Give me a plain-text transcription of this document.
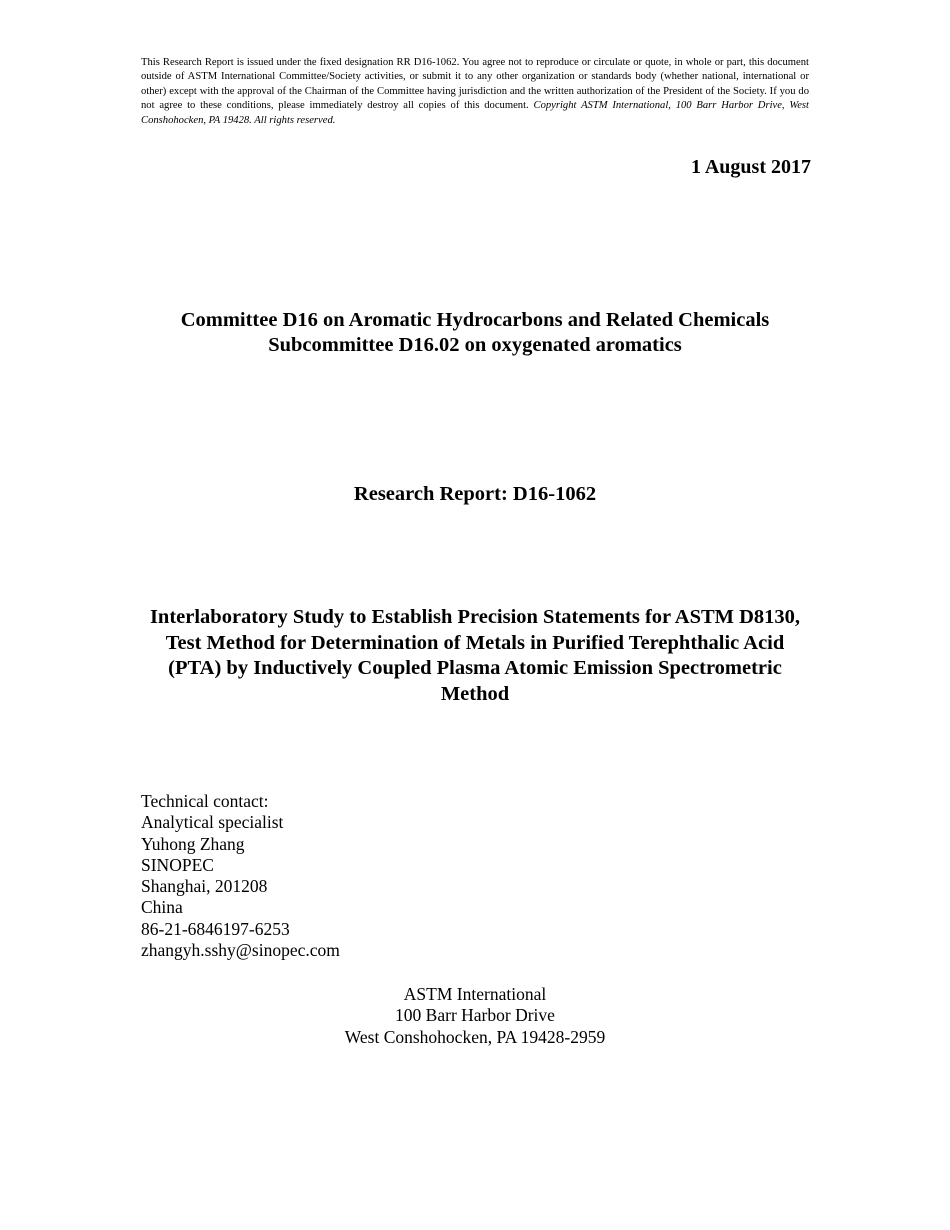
This Research Report is issued under the fixed designation RR D16-1062. You agree not to reproduce or circulate or quote, in whole or part, this document outside of ASTM International Committee/Society activities, or submit it to any other organization or standards body (whether national, international or other) except with the approval of the Chairman of the Committee having jurisdiction and the written authorization of the President of the Society. If you do not agree to these conditions, please immediately destroy all copies of this document. Copyright ASTM International, 100 Barr Harbor Drive, West Conshohocken, PA 19428. All rights reserved.
1 August 2017
Committee D16 on Aromatic Hydrocarbons and Related Chemicals
Subcommittee D16.02 on oxygenated aromatics
Research Report: D16-1062
Interlaboratory Study to Establish Precision Statements for ASTM D8130, Test Method for Determination of Metals in Purified Terephthalic Acid (PTA) by Inductively Coupled Plasma Atomic Emission Spectrometric Method
Technical contact:
Analytical specialist
Yuhong Zhang
SINOPEC
Shanghai, 201208
China
86-21-6846197-6253
zhangyh.sshy@sinopec.com
ASTM International
100 Barr Harbor Drive
West Conshohocken, PA 19428-2959
